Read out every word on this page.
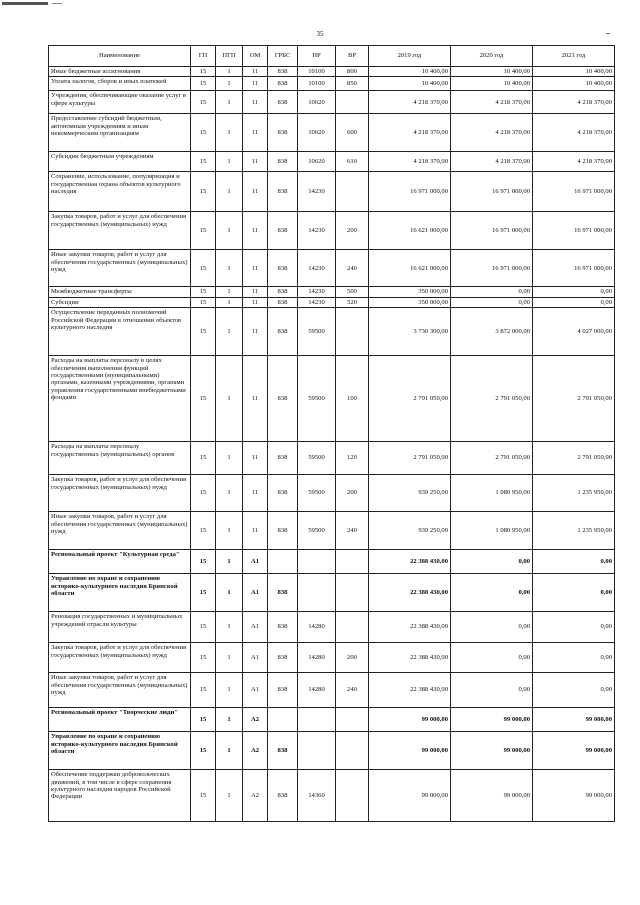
35
Наименование	ГП	ПГП	ОМ	ГРБС	НР	ВР	2019 год	2020 год	2021 год
Иные бюджетные ассигнования	15	1	11	838	10100	800	10 400,00	10 400,00	10 400,00
Уплата налогов, сборов и иных платежей	15	1	11	838	10100	850	10 400,00	10 400,00	10 400,00
Учреждения, обеспечивающие оказание услуг в сфере культуры	15	1	11	838	10620		4 218 370,00	4 218 370,00	4 218 370,00
Предоставление субсидий бюджетным, автономным учреждениям и иным некоммерческим организациям	15	1	11	838	10620	600	4 218 370,00	4 218 370,00	4 218 370,00
Субсидии бюджетным учреждениям	15	1	11	838	10620	610	4 218 370,00	4 218 370,00	4 218 370,00
Сохранение, использование, популяризация и государственная охрана объектов культурного наследия	15	1	11	838	14230		16 971 000,00	16 971 000,00	16 971 000,00
Закупка товаров, работ и услуг для обеспечения государственных (муниципальных) нужд	15	1	11	838	14230	200	16 621 000,00	16 971 000,00	16 971 000,00
Иные закупки товаров, работ и услуг для обеспечения государственных (муниципальных) нужд	15	1	11	838	14230	240	16 621 000,00	16 971 000,00	16 971 000,00
Межбюджетные трансферты	15	1	11	838	14230	500	350 000,00	0,00	0,00
Субсидии	15	1	11	838	14230	520	350 000,00	0,00	0,00
Осуществление переданных полномочий Российской Федерации в отношении объектов культурного наследия	15	1	11	838	59500		3 730 300,00	3 872 000,00	4 027 000,00
Расходы на выплаты персоналу в целях обеспечения выполнения функций государственными (муниципальными) органами, казенными учреждениями, органами управления государственными внебюджетными фондами	15	1	11	838	59500	100	2 791 050,00	2 791 050,00	2 791 050,00
Расходы на выплаты персоналу государственных (муниципальных) органов	15	1	11	838	59500	120	2 791 050,00	2 791 050,00	2 791 050,00
Закупка товаров, работ и услуг для обеспечения государственных (муниципальных) нужд	15	1	11	838	59500	200	939 250,00	1 080 950,00	1 235 950,00
Иные закупки товаров, работ и услуг для обеспечения государственных (муниципальных) нужд	15	1	11	838	59500	240	939 250,00	1 080 950,00	1 235 950,00
Региональный проект "Культурная среда"	15	1	A1				22 388 430,00	0,00	0,00
Управление по охране и сохранению историко-культурного наследия Брянской области	15	1	A1	838			22 388 430,00	0,00	0,00
Реновация государственных и муниципальных учреждений отрасли культуры	15	1	A1	838	14280		22 388 430,00	0,00	0,00
Закупка товаров, работ и услуг для обеспечения государственных (муниципальных) нужд	15	1	A1	838	14280	200	22 388 430,00	0,00	0,00
Иные закупки товаров, работ и услуг для обеспечения государственных (муниципальных) нужд	15	1	A1	838	14280	240	22 388 430,00	0,00	0,00
Региональный проект "Творческие люди"	15	1	A2				99 000,00	99 000,00	99 000,00
Управление по охране и сохранению историко-культурного наследия Брянской области	15	1	A2	838			99 000,00	99 000,00	99 000,00
Обеспечение поддержки добровольческих движений, в том числе в сфере сохранения культурного наследия народов Российской Федерации	15	1	A2	838	14360		99 000,00	99 000,00	99 000,00
